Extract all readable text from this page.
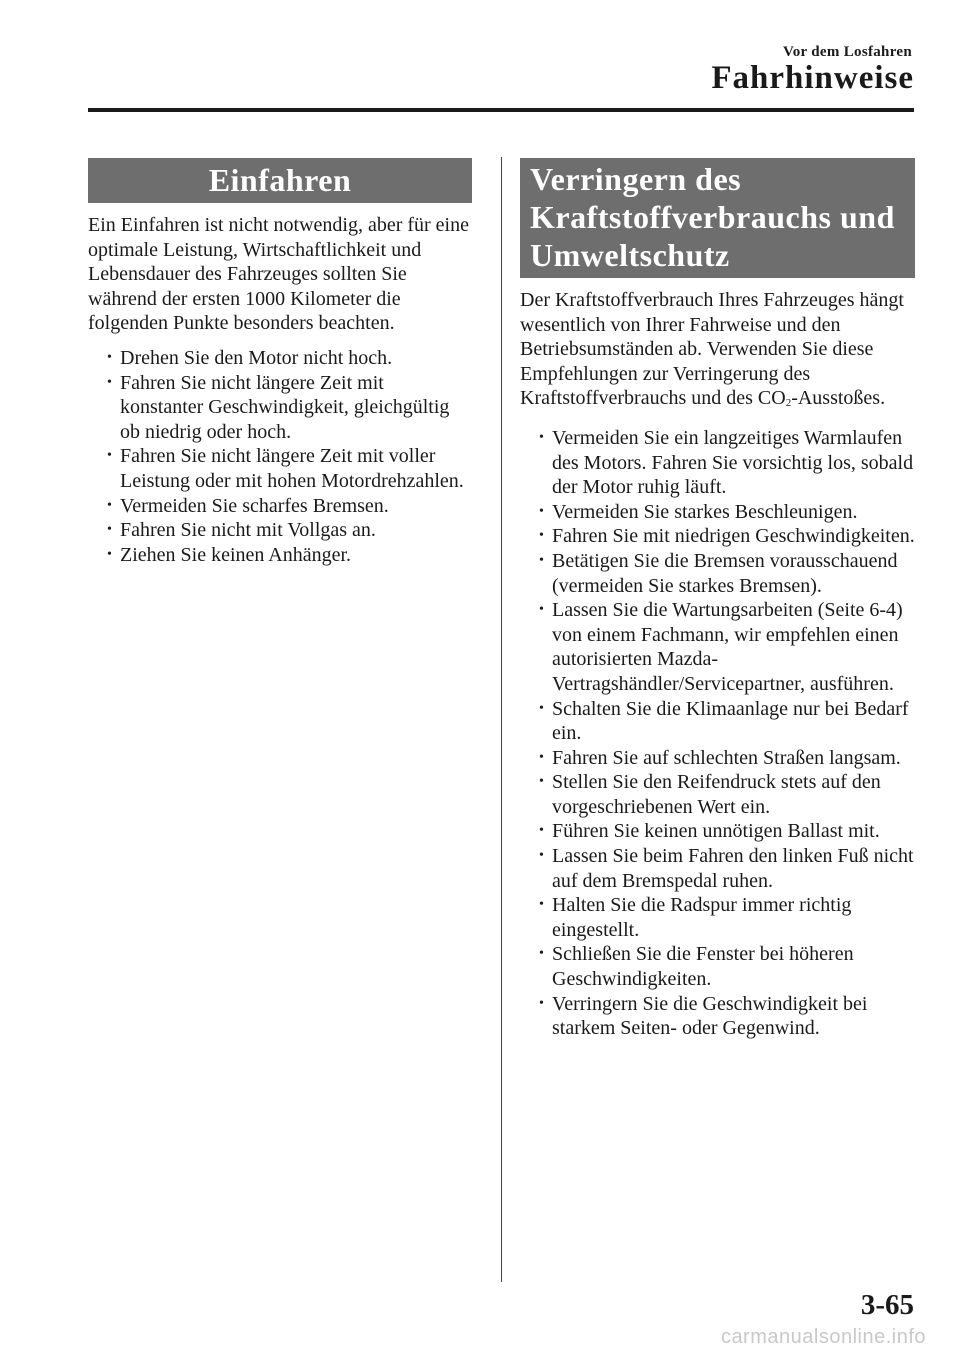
Vor dem Losfahren
Fahrhinweise
Einfahren

Ein Einfahren ist nicht notwendig, aber für eine optimale Leistung, Wirtschaftlichkeit und Lebensdauer des Fahrzeuges sollten Sie während der ersten 1000 Kilometer die folgenden Punkte besonders beachten.

• Drehen Sie den Motor nicht hoch.
• Fahren Sie nicht längere Zeit mit konstanter Geschwindigkeit, gleichgültig ob niedrig oder hoch.
• Fahren Sie nicht längere Zeit mit voller Leistung oder mit hohen Motordrehzahlen.
• Vermeiden Sie scharfes Bremsen.
• Fahren Sie nicht mit Vollgas an.
• Ziehen Sie keinen Anhänger.
Verringern des Kraftstoffverbrauchs und Umweltschutz

Der Kraftstoffverbrauch Ihres Fahrzeuges hängt wesentlich von Ihrer Fahrweise und den Betriebsumständen ab. Verwenden Sie diese Empfehlungen zur Verringerung des Kraftstoffverbrauchs und des $CO_2$-Ausstoßes.

• Vermeiden Sie ein langzeitiges Warmlaufen des Motors. Fahren Sie vorsichtig los, sobald der Motor ruhig läuft.
• Vermeiden Sie starkes Beschleunigen.
• Fahren Sie mit niedrigen Geschwindigkeiten.
• Betätigen Sie die Bremsen vorausschauend (vermeiden Sie starkes Bremsen).
• Lassen Sie die Wartungsarbeiten (Seite 6-4) von einem Fachmann, wir empfehlen einen autorisierten Mazda-Vertragshändler/Servicepartner, ausführen.
• Schalten Sie die Klimaanlage nur bei Bedarf ein.
• Fahren Sie auf schlechten Straßen langsam.
• Stellen Sie den Reifendruck stets auf den vorgeschriebenen Wert ein.
• Führen Sie keinen unnötigen Ballast mit.
• Lassen Sie beim Fahren den linken Fuß nicht auf dem Bremspedal ruhen.
• Halten Sie die Radspur immer richtig eingestellt.
• Schließen Sie die Fenster bei höheren Geschwindigkeiten.
• Verringern Sie die Geschwindigkeit bei starkem Seiten- oder Gegenwind.
3-65
carmanualsonline.info
